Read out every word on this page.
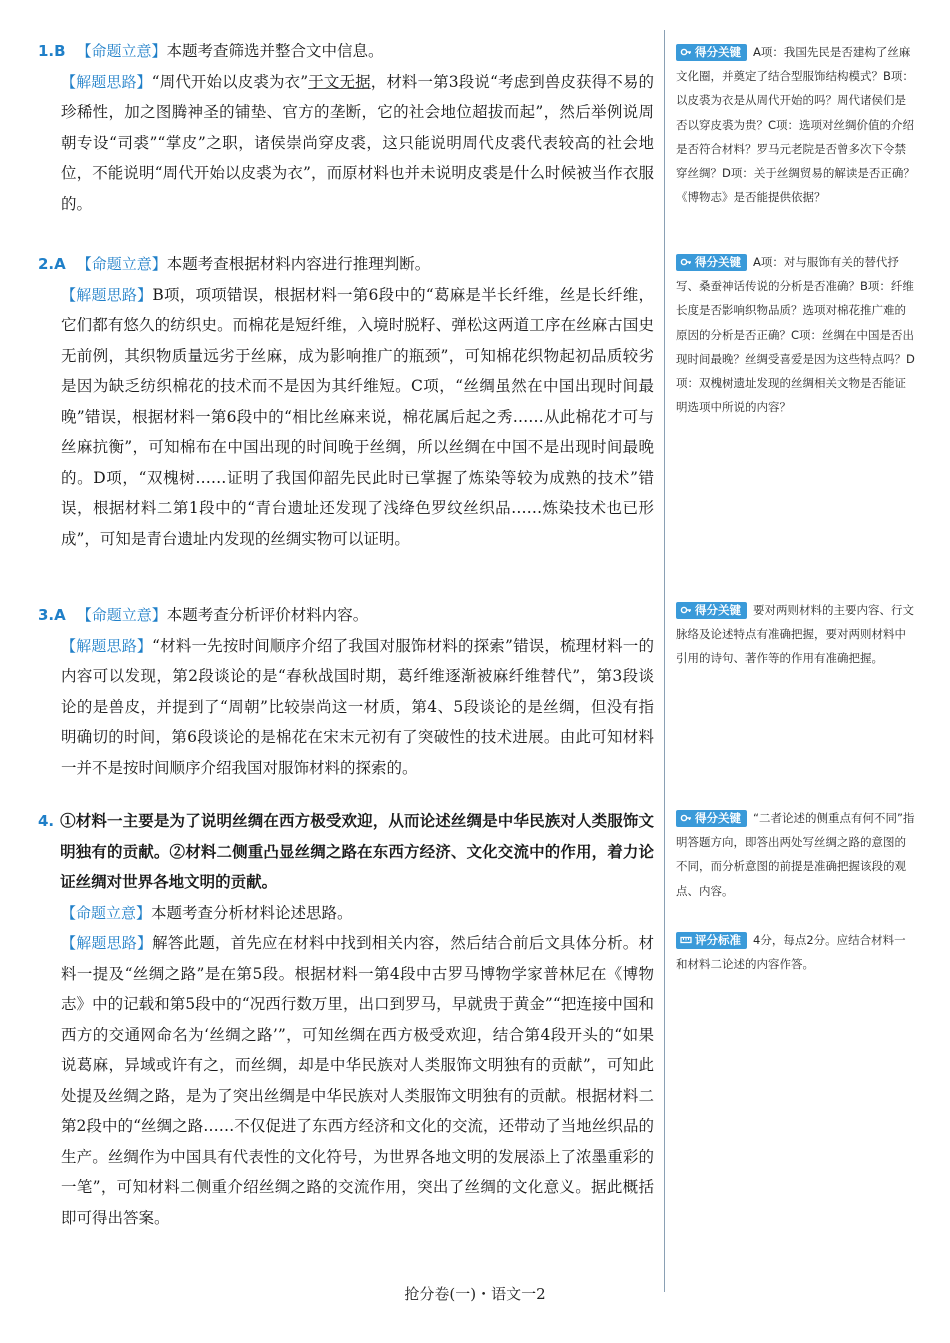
1.B 【命题立意】本题考查筛选并整合文中信息。
【解题思路】“周代开始以皮裘为衣”于文无据，材料一第3段说“考虑到兽皮获得不易的珍稀性，加之图腾神圣的铺垫、官方的垄断，它的社会地位超拔而起”，然后举例说周朝专设“司裘”“掌皮”之职，诸侯崇尚穿皮裘，这只能说明周代皮裘代表较高的社会地位，不能说明“周代开始以皮裘为衣”，而原材料也并未说明皮裘是什么时候被当作衣服的。
2.A 【命题立意】本题考查根据材料内容进行推理判断。
【解题思路】B项，项项错误，根据材料一第6段中的“葛麻是半长纤维，丝是长纤维，它们都有悠久的纺织史。而棉花是短纤维，入境时脱籽、弹松这两道工序在丝麻古国史无前例，其织物质量远劣于丝麻，成为影响推广的瓶颈”，可知棉花织物起初品质较劣是因为缺乏纺织棉花的技术而不是因为其纤维短。C项，“丝绸虽然在中国出现时间最晚”错误，根据材料一第6段中的“相比丝麻来说，棉花属后起之秀……从此棉花才可与丝麻抗衡”，可知棉布在中国出现的时间晚于丝绸，所以丝绸在中国不是出现时间最晚的。D项，“双槐树……证明了我国仰韶先民此时已掌握了炼染等较为成熟的技术”错误，根据材料二第1段中的“青台遗址还发现了浅绛色罗纹丝织品……炼染技术也已形成”，可知是青台遗址内发现的丝绸实物可以证明。
3.A 【命题立意】本题考查分析评价材料内容。
【解题思路】“材料一先按时间顺序介绍了我国对服饰材料的探索”错误，梳理材料一的内容可以发现，第2段谈论的是“春秋战国时期，葛纤维逐渐被麻纤维替代”，第3段谈论的是兽皮，并提到了“周朝”比较崇尚这一材质，第4、5段谈论的是丝绸，但没有指明确切的时间，第6段谈论的是棉花在宋末元初有了突破性的技术进展。由此可知材料一并不是按时间顺序介绍我国对服饰材料的探索的。
4. ①材料一主要是为了说明丝绸在西方极受欢迎，从而论述丝绸是中华民族对人类服饰文明独有的贡献。②材料二侧重凸显丝绸之路在东西方经济、文化交流中的作用，着力论证丝绸对世界各地文明的贡献。
【命题立意】本题考查分析材料论述思路。
【解题思路】解答此题，首先应在材料中找到相关内容，然后结合前后文具体分析。材料一提及“丝绸之路”是在第5段。根据材料一第4段中古罗马博物学家普林尼在《博物志》中的记载和第5段中的“况西行数万里，出口到罗马，早就贵于黄金”“把连接中国和西方的交通网命名为‘丝绸之路’”，可知丝绸在西方极受欢迎，结合第4段开头的“如果说葛麻，异域或许有之，而丝绸，却是中华民族对人类服饰文明独有的贡献”，可知此处提及丝绸之路，是为了突出丝绸是中华民族对人类服饰文明独有的贡献。根据材料二第2段中的“丝绸之路……不仅促进了东西方经济和文化的交流，还带动了当地丝织品的生产。丝绸作为中国具有代表性的文化符号，为世界各地文明的发展添上了浓墨重彩的一笔”，可知材料二侧重介绍丝绸之路的交流作用，突出了丝绸的文化意义。据此概括即可得出答案。
得分关键 A项：我国先民是否建构了丝麻文化圈，并奠定了结合型服饰结构模式？B项：以皮裘为衣是从周代开始的吗？周代诸侯们是否以穿皮裘为贵？C项：选项对丝绸价值的介绍是否符合材料？罗马元老院是否曾多次下令禁穿丝绸？D项：关于丝绸贸易的解读是否正确？《博物志》是否能提供依据？
得分关键 A项：对与服饰有关的替代抒写、桑蚕神话传说的分析是否准确？B项：纤维长度是否影响织物品质？选项对棉花推广难的原因的分析是否正确？C项：丝绸在中国是否出现时间最晚？丝绸受喜爱是因为这些特点吗？D项：双槐树遗址发现的丝绸相关文物是否能证明选项中所说的内容？
得分关键 要对两则材料的主要内容、行文脉络及论述特点有准确把握，要对两则材料中引用的诗句、著作等的作用有准确把握。
得分关键 “二者论述的侧重点有何不同”指明答题方向，即答出两处写丝绸之路的意图的不同，而分析意图的前提是准确把握该段的观点、内容。
评分标准 4分，每点2分。应结合材料一和材料二论述的内容作答。
抢分卷(一)・语文一2
